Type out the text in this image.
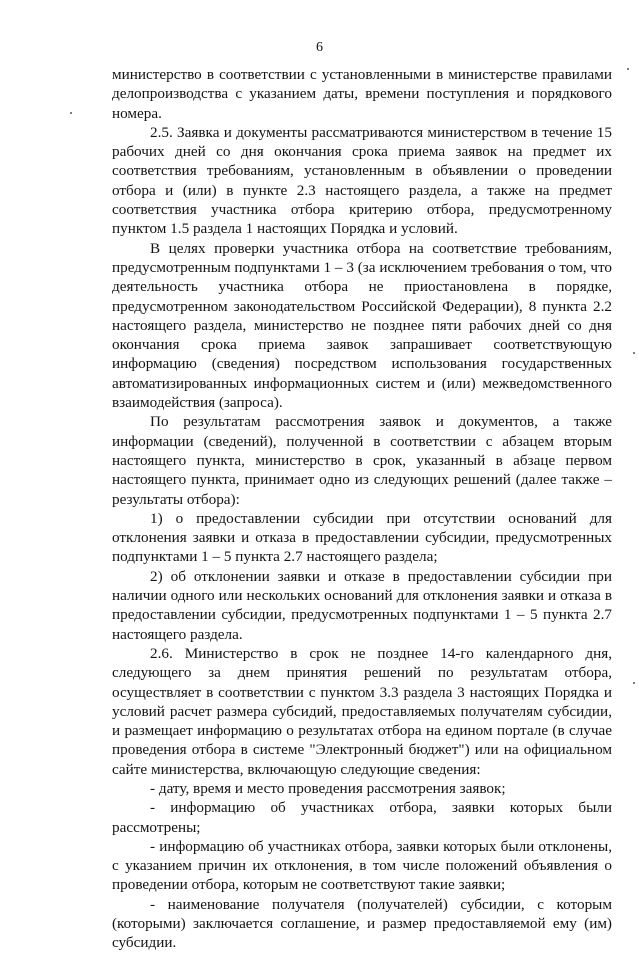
6

министерство в соответствии с установленными в министерстве правилами делопроизводства с указанием даты, времени поступления и порядкового номера.

2.5. Заявка и документы рассматриваются министерством в течение 15 рабочих дней со дня окончания срока приема заявок на предмет их соответствия требованиям, установленным в объявлении о проведении отбора и (или) в пункте 2.3 настоящего раздела, а также на предмет соответствия участника отбора критерию отбора, предусмотренному пунктом 1.5 раздела 1 настоящих Порядка и условий.

В целях проверки участника отбора на соответствие требованиям, предусмотренным подпунктами 1 – 3 (за исключением требования о том, что деятельность участника отбора не приостановлена в порядке, предусмотренном законодательством Российской Федерации), 8 пункта 2.2 настоящего раздела, министерство не позднее пяти рабочих дней со дня окончания срока приема заявок запрашивает соответствующую информацию (сведения) посредством использования государственных автоматизированных информационных систем и (или) межведомственного взаимодействия (запроса).

По результатам рассмотрения заявок и документов, а также информации (сведений), полученной в соответствии с абзацем вторым настоящего пункта, министерство в срок, указанный в абзаце первом настоящего пункта, принимает одно из следующих решений (далее также – результаты отбора):

1) о предоставлении субсидии при отсутствии оснований для отклонения заявки и отказа в предоставлении субсидии, предусмотренных подпунктами 1 – 5 пункта 2.7 настоящего раздела;

2) об отклонении заявки и отказе в предоставлении субсидии при наличии одного или нескольких оснований для отклонения заявки и отказа в предоставлении субсидии, предусмотренных подпунктами 1 – 5 пункта 2.7 настоящего раздела.

2.6. Министерство в срок не позднее 14-го календарного дня, следующего за днем принятия решений по результатам отбора, осуществляет в соответствии с пунктом 3.3 раздела 3 настоящих Порядка и условий расчет размера субсидий, предоставляемых получателям субсидии, и размещает информацию о результатах отбора на едином портале (в случае проведения отбора в системе "Электронный бюджет") или на официальном сайте министерства, включающую следующие сведения:

- дату, время и место проведения рассмотрения заявок;

- информацию об участниках отбора, заявки которых были рассмотрены;

- информацию об участниках отбора, заявки которых были отклонены, с указанием причин их отклонения, в том числе положений объявления о проведении отбора, которым не соответствуют такие заявки;

- наименование получателя (получателей) субсидии, с которым (которыми) заключается соглашение, и размер предоставляемой ему (им) субсидии.
